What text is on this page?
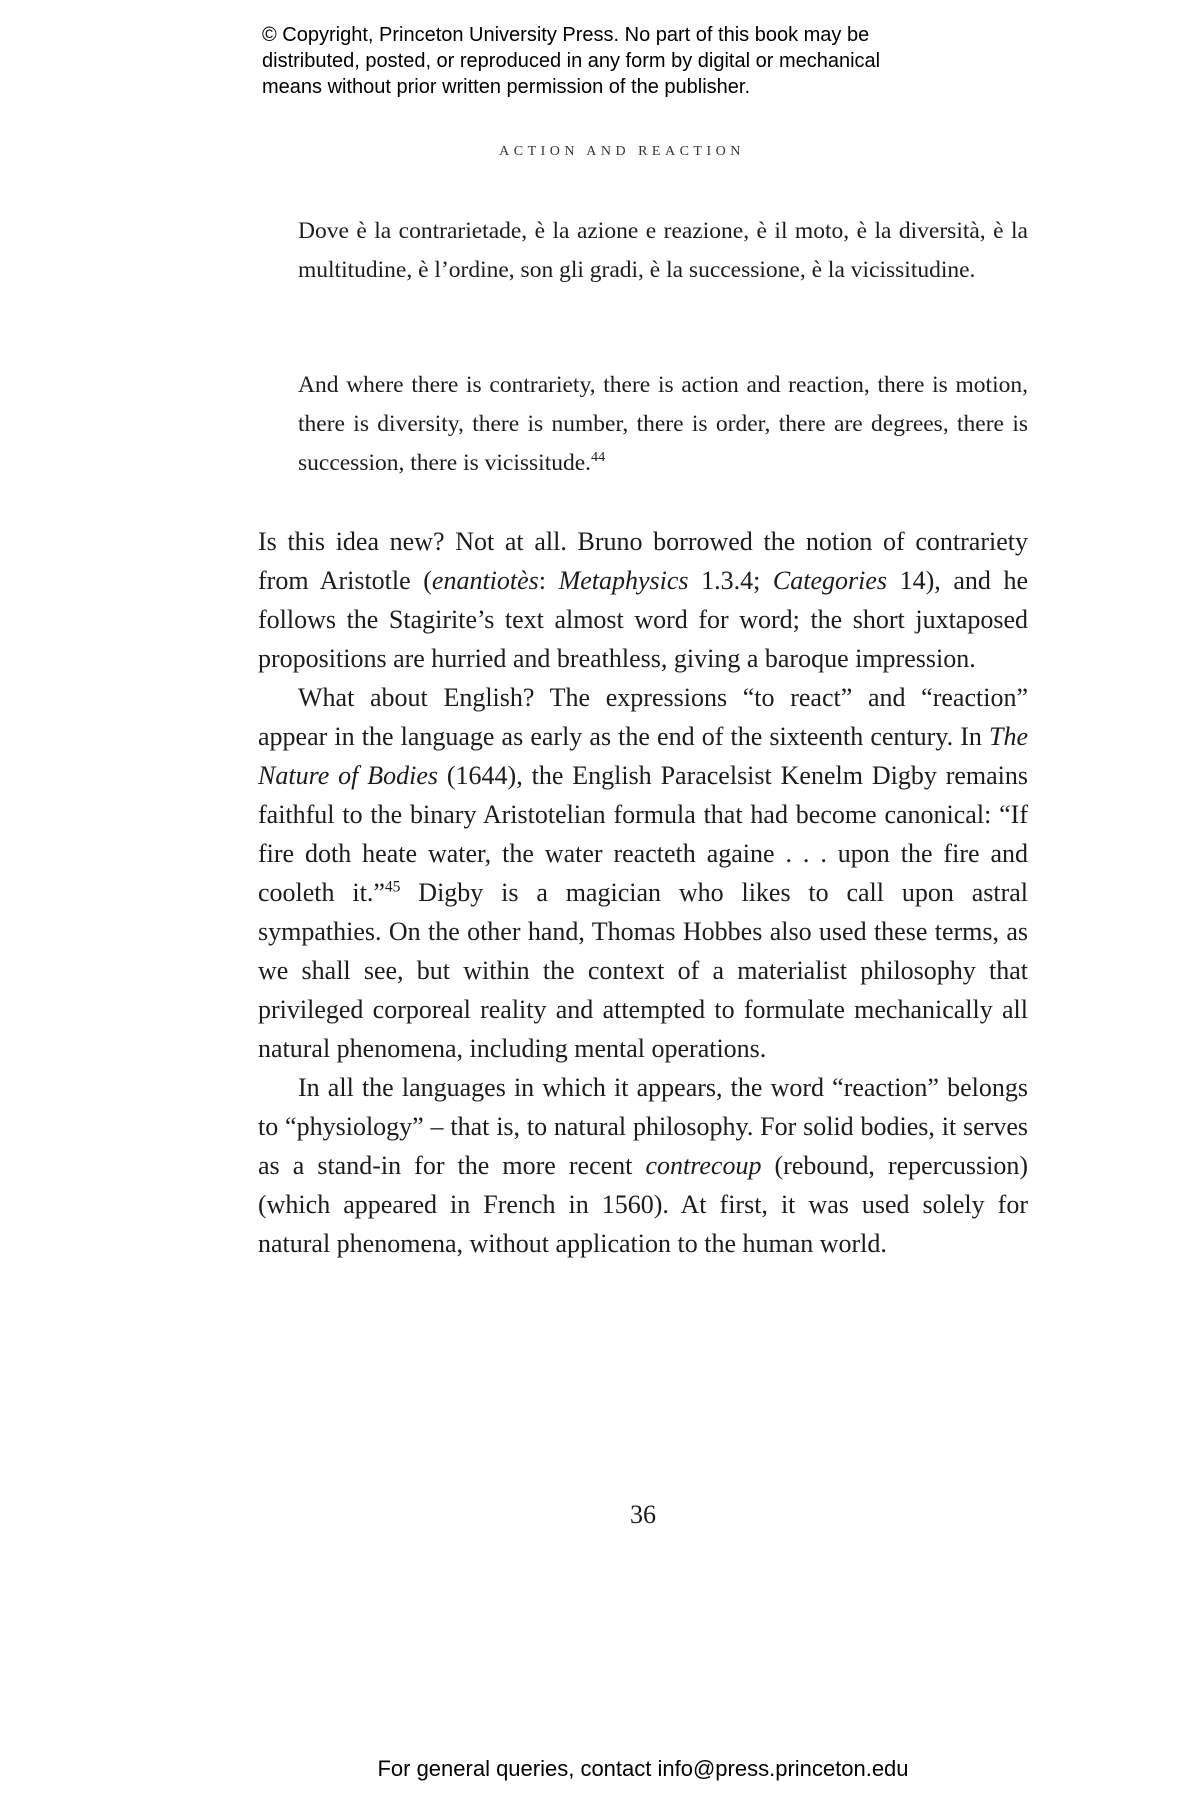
© Copyright, Princeton University Press. No part of this book may be
distributed, posted, or reproduced in any form by digital or mechanical
means without prior written permission of the publisher.
ACTION AND REACTION

Dove è la contrarietade, è la azione e reazione, è il moto, è la diversità, è la multitudine, è l’ordine, son gli gradi, è la successione, è la vicissitudine.

And where there is contrariety, there is action and reaction, there is motion, there is diversity, there is number, there is order, there are degrees, there is succession, there is vicissitude.$^{44}$

Is this idea new? Not at all. Bruno borrowed the notion of contrariety from Aristotle (enantiotès: Metaphysics 1.3.4; Categories 14), and he follows the Stagirite’s text almost word for word; the short juxtaposed propositions are hurried and breathless, giving a baroque impression.

What about English? The expressions “to react” and “reaction” appear in the language as early as the end of the sixteenth century. In The Nature of Bodies (1644), the English Paracelsist Kenelm Digby remains faithful to the binary Aristotelian formula that had become canonical: “If fire doth heate water, the water reacteth againe . . . upon the fire and cooleth it.”$^{45}$ Digby is a magician who likes to call upon astral sympathies. On the other hand, Thomas Hobbes also used these terms, as we shall see, but within the context of a materialist philosophy that privileged corporeal reality and attempted to formulate mechanically all natural phenomena, including mental operations.

In all the languages in which it appears, the word “reaction” belongs to “physiology” – that is, to natural philosophy. For solid bodies, it serves as a stand-in for the more recent contrecoup (rebound, repercussion) (which appeared in French in 1560). At first, it was used solely for natural phenomena, without application to the human world.

36
For general queries, contact info@press.princeton.edu
